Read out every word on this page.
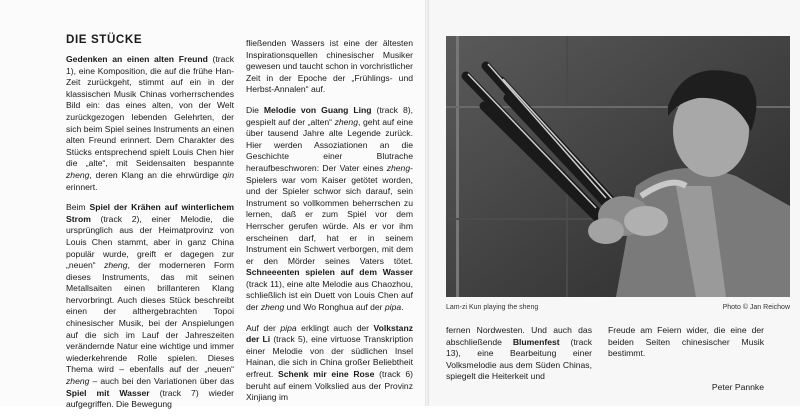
DIE STÜCKE

Gedenken an einen alten Freund (track 1), eine Komposition, die auf die frühe Han-Zeit zurückgeht, stimmt auf ein in der klassischen Musik Chinas vorherrschendes Bild ein: das eines alten, von der Welt zurückgezogen lebenden Gelehrten, der sich beim Spiel seines Instruments an einen alten Freund erinnert. Dem Charakter des Stücks entsprechend spielt Louis Chen hier die „alte“, mit Seidensaiten bespannte zheng, deren Klang an die ehrwürdige qin erinnert.

Beim Spiel der Krähen auf winterlichem Strom (track 2), einer Melodie, die ursprünglich aus der Heimatprovinz von Louis Chen stammt, aber in ganz China populär wurde, greift er dagegen zur „neuen“ zheng, der moderneren Form dieses Instruments, das mit seinen Metallsaiten einen brillanteren Klang hervorbringt. Auch dieses Stück beschreibt einen der althergebrachten Topoi chinesischer Musik, bei der Anspielungen auf die sich im Lauf der Jahreszeiten verändernde Natur eine wichtige und immer wiederkehrende Rolle spielen. Dieses Thema wird – ebenfalls auf der „neuen“ zheng – auch bei den Variationen über das Spiel mit Wasser (track 7) wieder aufgegriffen. Die Bewegung

fließenden Wassers ist eine der ältesten Inspirationsquellen chinesischer Musiker gewesen und taucht schon in vorchristlicher Zeit in der Epoche der „Frühlings- und Herbst-Annalen“ auf.

Die Melodie von Guang Ling (track 8), gespielt auf der „alten“ zheng, geht auf eine über tausend Jahre alte Legende zurück. Hier werden Assoziationen an die Geschichte einer Blutrache heraufbeschworen: Der Vater eines zheng-Spielers war vom Kaiser getötet worden, und der Spieler schwor sich darauf, sein Instrument so vollkommen beherrschen zu lernen, daß er zum Spiel vor dem Herrscher gerufen würde. Als er vor ihm erscheinen darf, hat er in seinem Instrument ein Schwert verborgen, mit dem er den Mörder seines Vaters tötet. Schneeenten spielen auf dem Wasser (track 11), eine alte Melodie aus Chaozhou, schließlich ist ein Duett von Louis Chen auf der zheng und Wo Ronghua auf der pipa.

Auf der pipa erklingt auch der Volkstanz der Li (track 5), eine virtuose Transkription einer Melodie von der südlichen Insel Hainan, die sich in China großer Beliebtheit erfreut. Schenk mir eine Rose (track 6) beruht auf einem Volkslied aus der Provinz Xinjiang im

Lam-zi Kun playing the sheng	Photo © Jan Reichow

fernen Nordwesten. Und auch das abschließende Blumenfest (track 13), eine Bearbeitung einer Volksmelodie aus dem Süden Chinas, spiegelt die Heiterkeit und

Freude am Feiern wider, die eine der beiden Seiten chinesischer Musik bestimmt.

Peter Pannke
